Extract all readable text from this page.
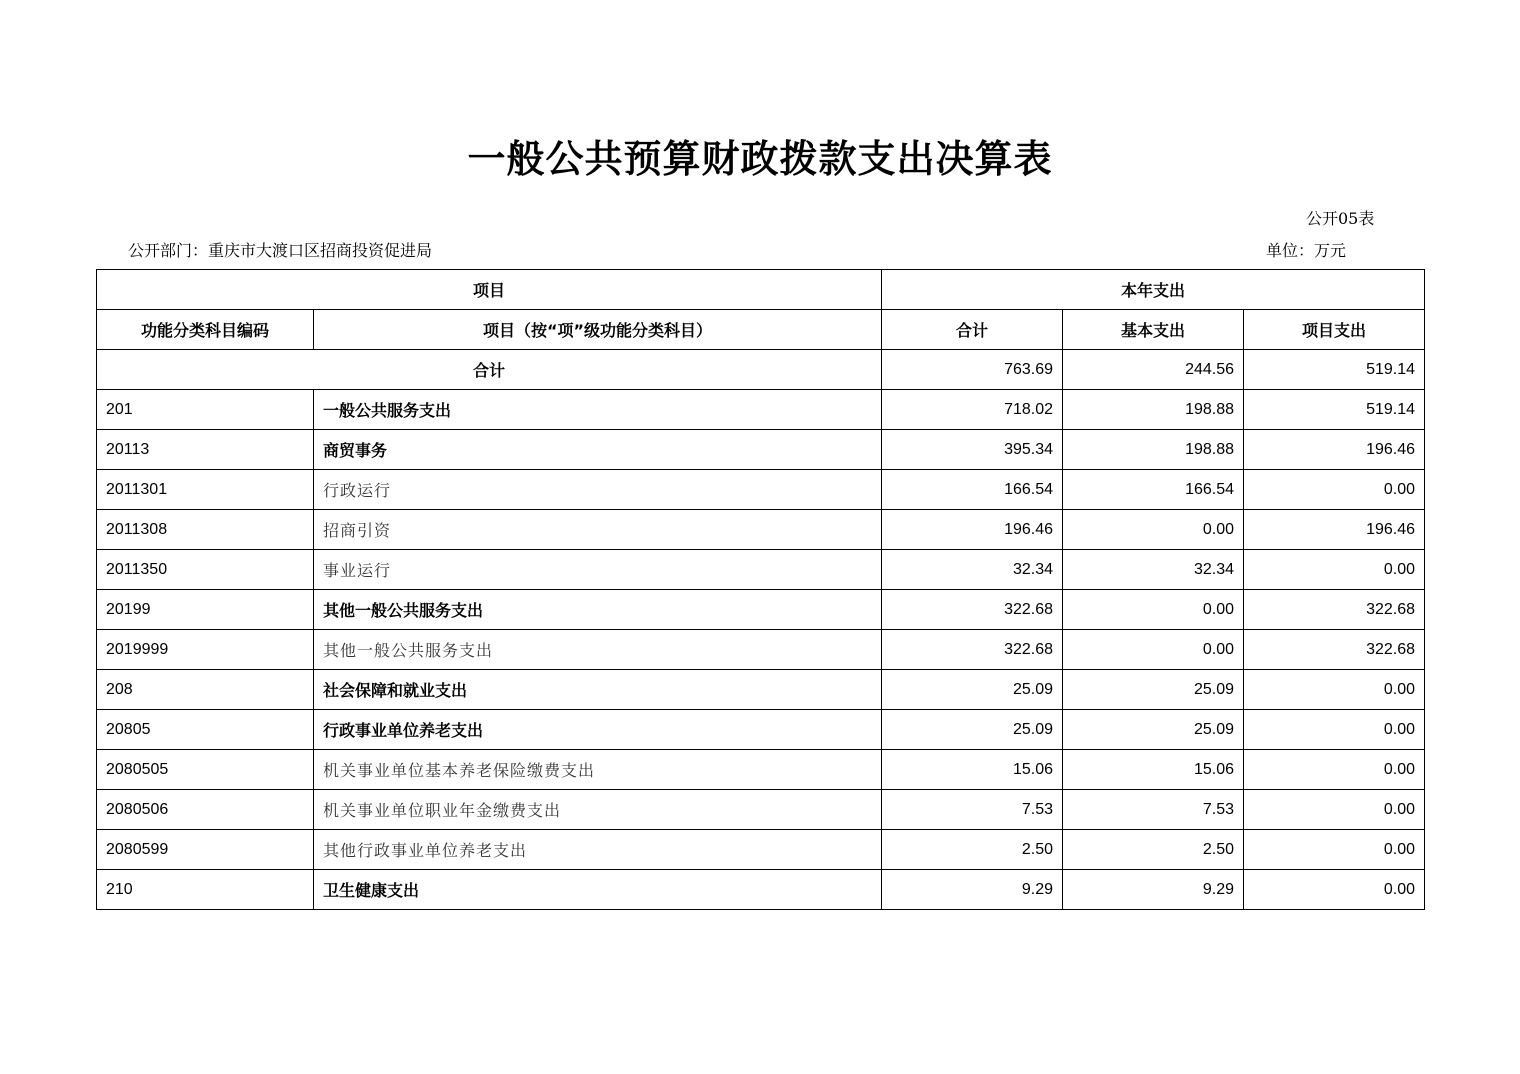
一般公共预算财政拨款支出决算表
公开05表
公开部门：重庆市大渡口区招商投资促进局	单位：万元
项目		本年支出		
功能分类科目编码	项目（按“项”级功能分类科目）	合计	基本支出	项目支出
合计		763.69	244.56	519.14
201	一般公共服务支出	718.02	198.88	519.14
20113	商贸事务	395.34	198.88	196.46
2011301	行政运行	166.54	166.54	0.00
2011308	招商引资	196.46	0.00	196.46
2011350	事业运行	32.34	32.34	0.00
20199	其他一般公共服务支出	322.68	0.00	322.68
2019999	其他一般公共服务支出	322.68	0.00	322.68
208	社会保障和就业支出	25.09	25.09	0.00
20805	行政事业单位养老支出	25.09	25.09	0.00
2080505	机关事业单位基本养老保险缴费支出	15.06	15.06	0.00
2080506	机关事业单位职业年金缴费支出	7.53	7.53	0.00
2080599	其他行政事业单位养老支出	2.50	2.50	0.00
210	卫生健康支出	9.29	9.29	0.00
